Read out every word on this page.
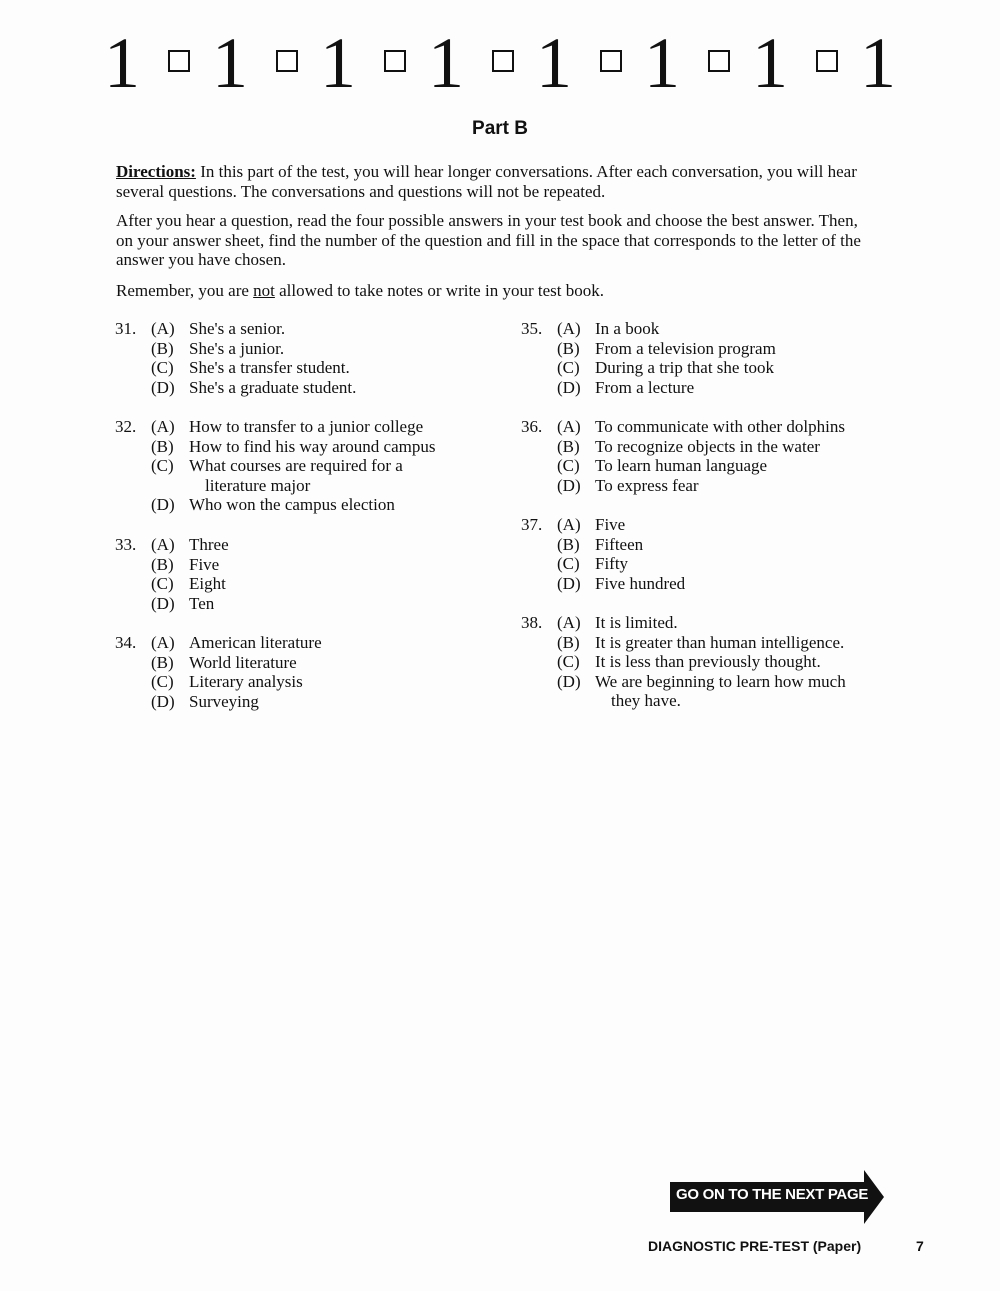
1 1 1 1 1 1 1 1
Part B
Directions: In this part of the test, you will hear longer conversations. After each conversation, you will hear several questions. The conversations and questions will not be repeated.
After you hear a question, read the four possible answers in your test book and choose the best answer. Then, on your answer sheet, find the number of the question and fill in the space that corresponds to the letter of the answer you have chosen.
Remember, you are not allowed to take notes or write in your test book.
31. (A) She's a senior.
(B) She's a junior.
(C) She's a transfer student.
(D) She's a graduate student.
32. (A) How to transfer to a junior college
(B) How to find his way around campus
(C) What courses are required for a
literature major
(D) Who won the campus election
33. (A) Three
(B) Five
(C) Eight
(D) Ten
34. (A) American literature
(B) World literature
(C) Literary analysis
(D) Surveying
35. (A) In a book
(B) From a television program
(C) During a trip that she took
(D) From a lecture
36. (A) To communicate with other dolphins
(B) To recognize objects in the water
(C) To learn human language
(D) To express fear
37. (A) Five
(B) Fifteen
(C) Fifty
(D) Five hundred
38. (A) It is limited.
(B) It is greater than human intelligence.
(C) It is less than previously thought.
(D) We are beginning to learn how much
they have.
GO ON TO THE NEXT PAGE
DIAGNOSTIC PRE-TEST (Paper)	7
